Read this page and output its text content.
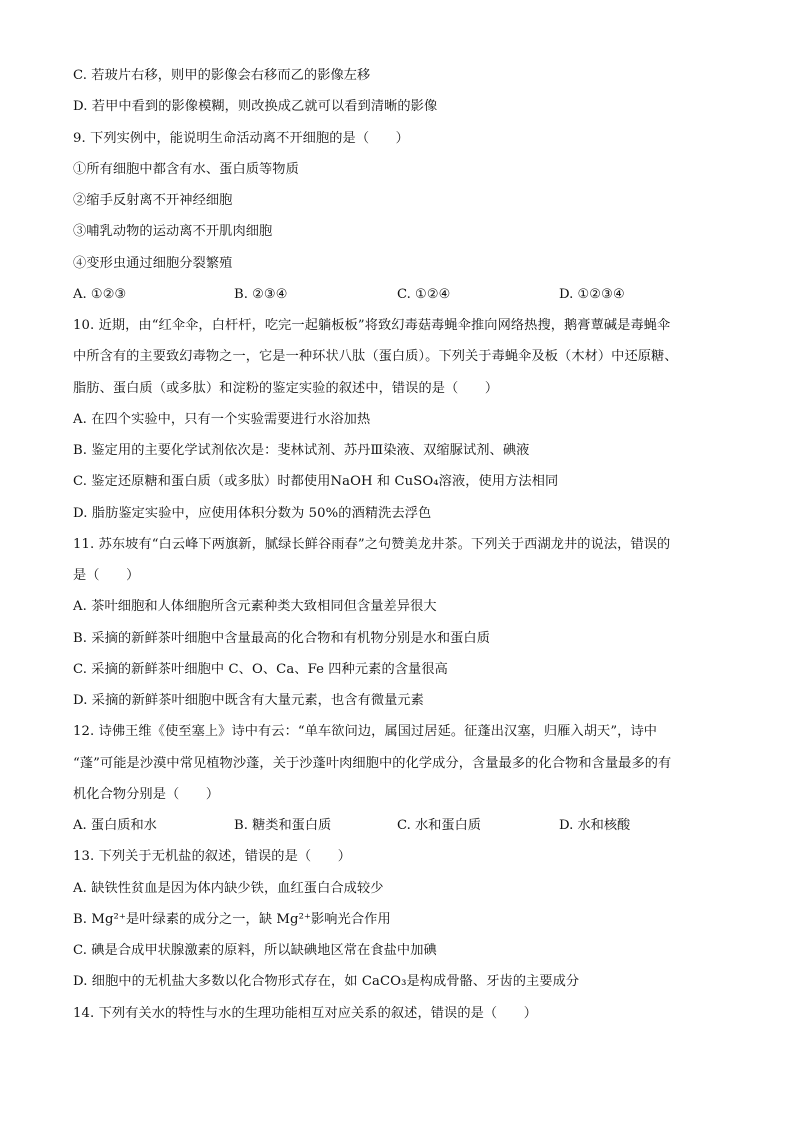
C. 若玻片右移，则甲的影像会右移而乙的影像左移
D. 若甲中看到的影像模糊，则改换成乙就可以看到清晰的影像
9. 下列实例中，能说明生命活动离不开细胞的是（　　）
①所有细胞中都含有水、蛋白质等物质
②缩手反射离不开神经细胞
③哺乳动物的运动离不开肌肉细胞
④变形虫通过细胞分裂繁殖
A. ①②③	B. ②③④	C. ①②④	D. ①②③④
10. 近期，由“红伞伞，白杆杆，吃完一起躺板板”将致幻毒菇毒蝇伞推向网络热搜，鹅膏蕈碱是毒蝇伞
中所含有的主要致幻毒物之一，它是一种环状八肽（蛋白质）。下列关于毒蝇伞及板（木材）中还原糖、
脂肪、蛋白质（或多肽）和淀粉的鉴定实验的叙述中，错误的是（　　）
A. 在四个实验中，只有一个实验需要进行水浴加热
B. 鉴定用的主要化学试剂依次是：斐林试剂、苏丹Ⅲ染液、双缩脲试剂、碘液
C. 鉴定还原糖和蛋白质（或多肽）时都使用NaOH 和 CuSO₄溶液，使用方法相同
D. 脂肪鉴定实验中，应使用体积分数为 50%的酒精洗去浮色
11. 苏东坡有“白云峰下两旗新，腻绿长鲜谷雨春”之句赞美龙井茶。下列关于西湖龙井的说法，错误的
是（　　）
A. 茶叶细胞和人体细胞所含元素种类大致相同但含量差异很大
B. 采摘的新鲜茶叶细胞中含量最高的化合物和有机物分别是水和蛋白质
C. 采摘的新鲜茶叶细胞中 C、O、Ca、Fe 四种元素的含量很高
D. 采摘的新鲜茶叶细胞中既含有大量元素，也含有微量元素
12. 诗佛王维《使至塞上》诗中有云：“单车欲问边，属国过居延。征蓬出汉塞，归雁入胡天”，诗中
“蓬”可能是沙漠中常见植物沙蓬，关于沙蓬叶肉细胞中的化学成分，含量最多的化合物和含量最多的有
机化合物分别是（　　）
A. 蛋白质和水	B. 糖类和蛋白质	C. 水和蛋白质	D. 水和核酸
13. 下列关于无机盐的叙述，错误的是（　　）
A. 缺铁性贫血是因为体内缺少铁，血红蛋白合成较少
B. Mg²⁺是叶绿素的成分之一，缺 Mg²⁺影响光合作用
C. 碘是合成甲状腺激素的原料，所以缺碘地区常在食盐中加碘
D. 细胞中的无机盐大多数以化合物形式存在，如 CaCO₃是构成骨骼、牙齿的主要成分
14. 下列有关水的特性与水的生理功能相互对应关系的叙述，错误的是（　　）
